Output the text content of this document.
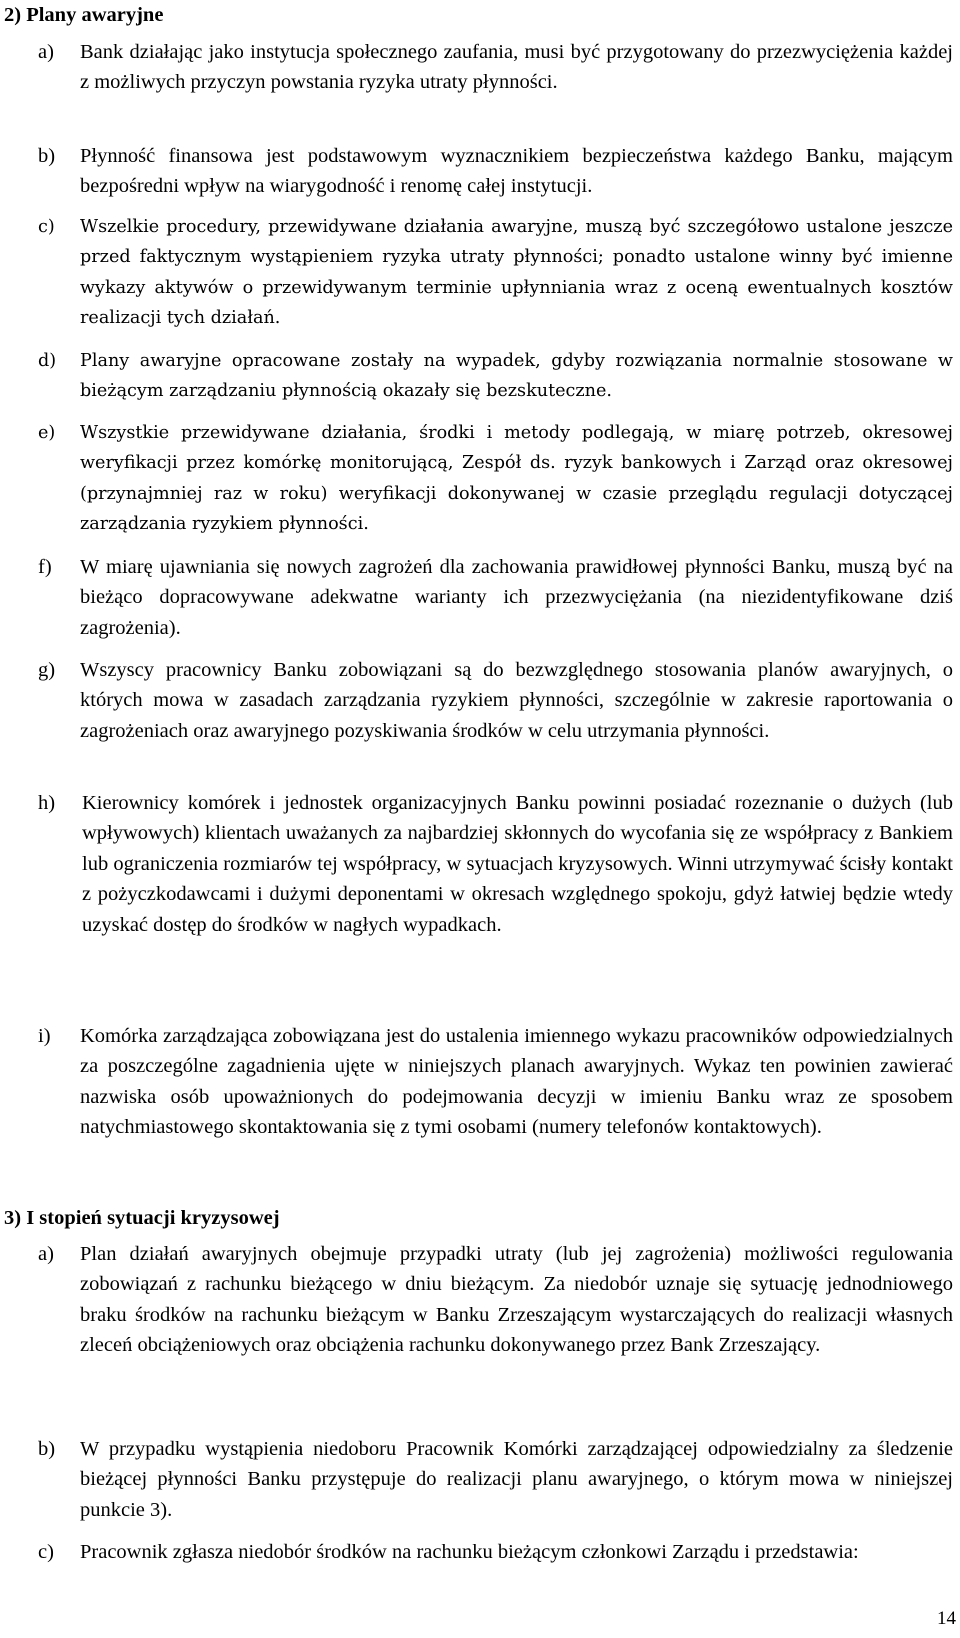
2) Plany awaryjne
a) Bank działając jako instytucja społecznego zaufania, musi być przygotowany do przezwyciężenia każdej z możliwych przyczyn powstania ryzyka utraty płynności.
b) Płynność finansowa jest podstawowym wyznacznikiem bezpieczeństwa każdego Banku, mającym bezpośredni wpływ na wiarygodność i renomę całej instytucji.
c) Wszelkie procedury, przewidywane działania awaryjne, muszą być szczegółowo ustalone jeszcze przed faktycznym wystąpieniem ryzyka utraty płynności; ponadto ustalone winny być imienne wykazy aktywów o przewidywanym terminie upłynniania wraz z oceną ewentualnych kosztów realizacji tych działań.
d) Plany awaryjne opracowane zostały na wypadek, gdyby rozwiązania normalnie stosowane w bieżącym zarządzaniu płynnością okazały się bezskuteczne.
e) Wszystkie przewidywane działania, środki i metody podlegają, w miarę potrzeb, okresowej weryfikacji przez komórkę monitorującą, Zespół ds. ryzyk bankowych i Zarząd oraz okresowej (przynajmniej raz w roku) weryfikacji dokonywanej w czasie przeglądu regulacji dotyczącej zarządzania ryzykiem płynności.
f) W miarę ujawniania się nowych zagrożeń dla zachowania prawidłowej płynności Banku, muszą być na bieżąco dopracowywane adekwatne warianty ich przezwyciężania (na niezidentyfikowane dziś zagrożenia).
g) Wszyscy pracownicy Banku zobowiązani są do bezwzględnego stosowania planów awaryjnych, o których mowa w zasadach zarządzania ryzykiem płynności, szczególnie w zakresie raportowania o zagrożeniach oraz awaryjnego pozyskiwania środków w celu utrzymania płynności.
h) Kierownicy komórek i jednostek organizacyjnych Banku powinni posiadać rozeznanie o dużych (lub wpływowych) klientach uważanych za najbardziej skłonnych do wycofania się ze współpracy z Bankiem lub ograniczenia rozmiarów tej współpracy, w sytuacjach kryzysowych. Winni utrzymywać ścisły kontakt z pożyczkodawcami i dużymi deponentami w okresach względnego spokoju, gdyż łatwiej będzie wtedy uzyskać dostęp do środków w nagłych wypadkach.
i) Komórka zarządzająca zobowiązana jest do ustalenia imiennego wykazu pracowników odpowiedzialnych za poszczególne zagadnienia ujęte w niniejszych planach awaryjnych. Wykaz ten powinien zawierać nazwiska osób upoważnionych do podejmowania decyzji w imieniu Banku wraz ze sposobem natychmiastowego skontaktowania się z tymi osobami (numery telefonów kontaktowych).
3) I stopień sytuacji kryzysowej
a) Plan działań awaryjnych obejmuje przypadki utraty (lub jej zagrożenia) możliwości regulowania zobowiązań z rachunku bieżącego w dniu bieżącym. Za niedobór uznaje się sytuację jednodniowego braku środków na rachunku bieżącym w Banku Zrzeszającym wystarczających do realizacji własnych zleceń obciążeniowych oraz obciążenia rachunku dokonywanego przez Bank Zrzeszający.
b) W przypadku wystąpienia niedoboru Pracownik Komórki zarządzającej odpowiedzialny za śledzenie bieżącej płynności Banku przystępuje do realizacji planu awaryjnego, o którym mowa w niniejszej punkcie 3).
c) Pracownik zgłasza niedobór środków na rachunku bieżącym członkowi Zarządu i przedstawia:
14
